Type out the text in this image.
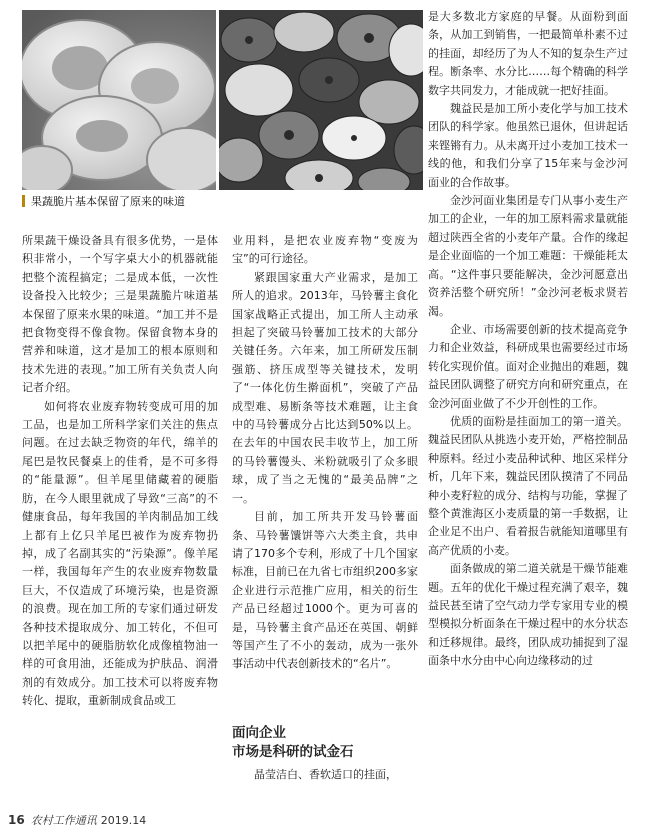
果蔬脆片基本保留了原来的味道

所果蔬干燥设备具有很多优势，一是体积非常小，一个写字桌大小的机器就能把整个流程搞定；二是成本低，一次性设备投入比较少；三是果蔬脆片味道基本保留了原来水果的味道。“加工并不是把食物变得不像食物。保留食物本身的营养和味道，这才是加工的根本原则和技术先进的表现。”加工所有关负责人向记者介绍。

如何将农业废弃物转变成可用的加工品，也是加工所科学家们关注的焦点问题。在过去缺乏物资的年代，绵羊的尾巴是牧民餐桌上的佳肴，是不可多得的“能量源”。但羊尾里储藏着的硬脂肪，在今人眼里就成了导致“三高”的不健康食品，每年我国的羊肉制品加工线上都有上亿只羊尾巴被作为废弃物扔掉，成了名副其实的“污染源”。像羊尾一样，我国每年产生的农业废弃物数量巨大，不仅造成了环境污染，也是资源的浪费。现在加工所的专家们通过研发各种技术提取成分、加工转化，不但可以把羊尾中的硬脂肪软化成像植物油一样的可食用油，还能成为护肤品、润滑剂的有效成分。加工技术可以将废弃物转化、提取，重新制成食品或工

业用料，是把农业废弃物“变废为宝”的可行途径。

紧跟国家重大产业需求，是加工所人的追求。2013年，马铃薯主食化国家战略正式提出，加工所人主动承担起了突破马铃薯加工技术的大部分关键任务。六年来，加工所研发压制强筋、挤压成型等关键技术，发明了“一体化仿生擀面机”，突破了产品成型难、易断条等技术难题，让主食中的马铃薯成分占比达到50%以上。在去年的中国农民丰收节上，加工所的马铃薯馒头、米粉就吸引了众多眼球，成了当之无愧的“最美品牌”之一。

目前，加工所共开发马铃薯面条、马铃薯馕饼等六大类主食，共申请了170多个专利，形成了十几个国家标准，目前已在九省七市组织200多家企业进行示范推广应用，相关的衍生产品已经超过1000个。更为可喜的是，马铃薯主食产品还在英国、朝鲜等国产生了不小的轰动，成为一张外事活动中代表创新技术的“名片”。

面向企业
市场是科研的试金石

晶莹洁白、香软适口的挂面，

是大多数北方家庭的早餐。从面粉到面条，从加工到销售，一把最简单朴素不过的挂面，却经历了为人不知的复杂生产过程。断条率、水分比……每个精确的科学数字共同发力，才能成就一把好挂面。

魏益民是加工所小麦化学与加工技术团队的科学家。他虽然已退休，但讲起话来铿锵有力。从未离开过小麦加工技术一线的他，和我们分享了15年来与金沙河面业的合作故事。

金沙河面业集团是专门从事小麦生产加工的企业，一年的加工原料需求量就能超过陕西全省的小麦年产量。合作的缘起是企业面临的一个加工难题：干燥能耗太高。“这件事只要能解决，金沙河愿意出资养活整个研究所！”金沙河老板求贤若渴。

企业、市场需要创新的技术提高竞争力和企业效益，科研成果也需要经过市场转化实现价值。面对企业抛出的难题，魏益民团队调整了研究方向和研究重点，在金沙河面业做了不少开创性的工作。

优质的面粉是挂面加工的第一道关。魏益民团队从挑选小麦开始，严格控制品种原料。经过小麦品种试种、地区采样分析，几年下来，魏益民团队摸清了不同品种小麦籽粒的成分、结构与功能，掌握了整个黄淮海区小麦质量的第一手数据，让企业足不出户、看着报告就能知道哪里有高产优质的小麦。

面条做成的第二道关就是干燥节能难题。五年的优化干燥过程充满了艰辛，魏益民甚至请了空气动力学专家用专业的模型模拟分析面条在干燥过程中的水分状态和迁移规律。最终，团队成功捕捉到了湿面条中水分由中心向边缘移动的过

16 农村工作通讯 2019.14
